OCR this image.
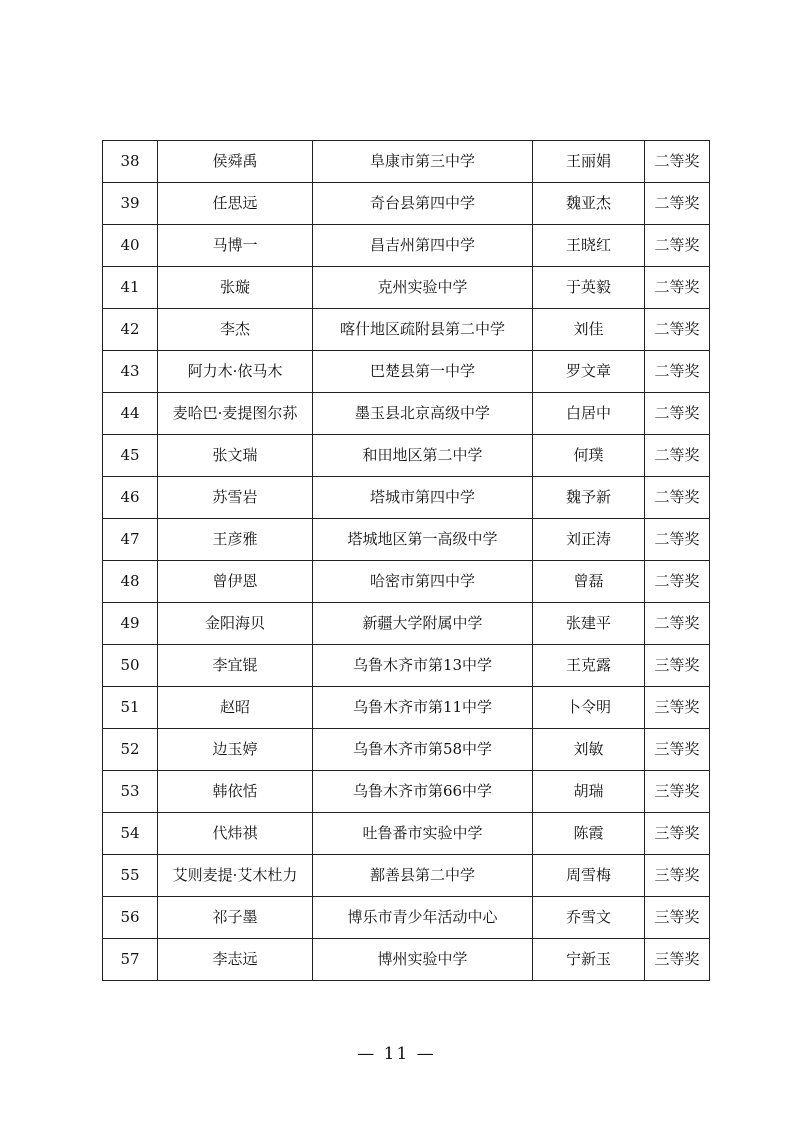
38	侯舜禹	阜康市第三中学	王丽娟	二等奖
39	任思远	奇台县第四中学	魏亚杰	二等奖
40	马博一	昌吉州第四中学	王晓红	二等奖
41	张璇	克州实验中学	于英毅	二等奖
42	李杰	喀什地区疏附县第二中学	刘佳	二等奖
43	阿力木·依马木	巴楚县第一中学	罗文章	二等奖
44	麦哈巴·麦提图尔荪	墨玉县北京高级中学	白居中	二等奖
45	张文瑞	和田地区第二中学	何璞	二等奖
46	苏雪岩	塔城市第四中学	魏予新	二等奖
47	王彦雅	塔城地区第一高级中学	刘正涛	二等奖
48	曾伊恩	哈密市第四中学	曾磊	二等奖
49	金阳海贝	新疆大学附属中学	张建平	二等奖
50	李宜锟	乌鲁木齐市第13中学	王克露	三等奖
51	赵昭	乌鲁木齐市第11中学	卜令明	三等奖
52	边玉婷	乌鲁木齐市第58中学	刘敏	三等奖
53	韩依恬	乌鲁木齐市第66中学	胡瑞	三等奖
54	代炜祺	吐鲁番市实验中学	陈霞	三等奖
55	艾则麦提·艾木杜力	鄯善县第二中学	周雪梅	三等奖
56	祁子墨	博乐市青少年活动中心	乔雪文	三等奖
57	李志远	博州实验中学	宁新玉	三等奖
— 11 —
